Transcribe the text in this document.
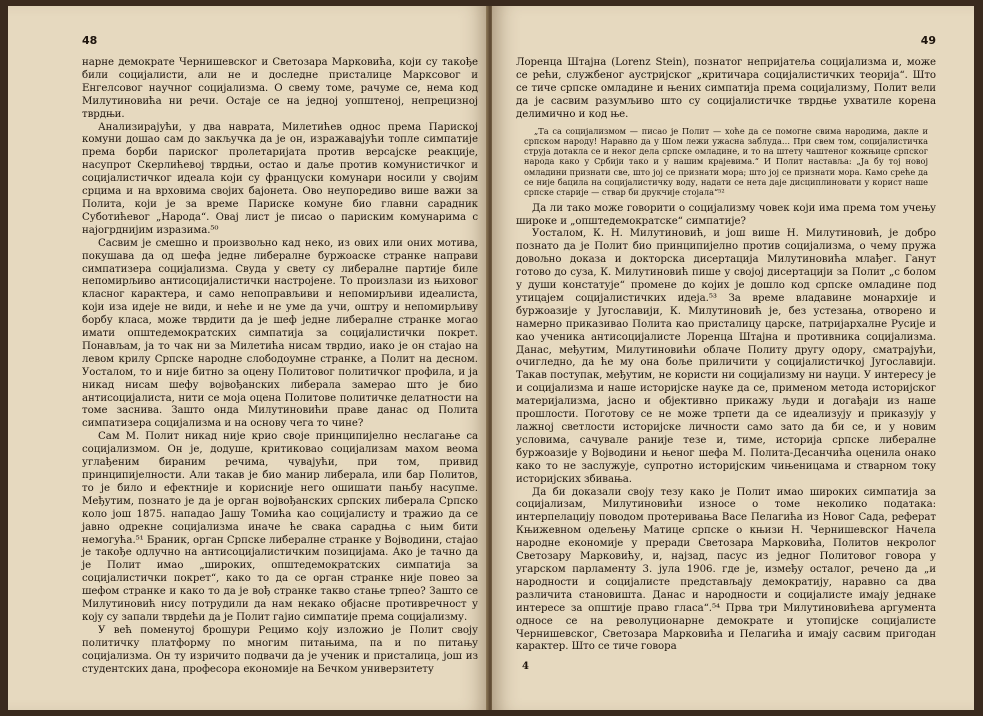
48

нарне демократе Чернишевског и Светозара Марковића, који су такође били социјалисти, али не и доследне присталице Марксовог и Енгелсовог научног социјализма. О свему томе, рачуме се, нема код Милутиновића ни речи. Остаје се на једној уопштеној, непрецизној тврдњи.

Анализирајући, у два наврата, Милетићев однос према Париској комуни дошао сам до закључка да је он, изражавајући топле симпатије према борби париског пролетаријата против версајске реакције, насупрот Скерлићевој тврдњи, остао и даље против комунистичког и социјалистичког идеала који су француски комунари носили у својим срцима и на врховима својих бајонета. Ово неупоредиво више важи за Полита, који је за време Париске комуне био главни сарадник Суботићевог „Народа“. Овај лист је писао о париским комунарима с најогрднијим изразима.⁵⁰

Сасвим је смешно и произвољно кад неко, из ових или оних мотива, покушава да од шефа једне либералне буржоаске странке направи симпатизера социјализма. Свуда у свету су либералне партије биле непомирљиво антисоцијалистички настројене. То произлази из њиховог класног карактера, и само непоправљиви и непомирљиви идеалиста, који иза идеје не види, и неће и не уме да учи, оштру и непомирљиву борбу класа, може тврдити да је шеф једне либералне странке могао имати општедемократских симпатија за социјалистички покрет. Понављам, ја то чак ни за Милетића нисам тврдио, иако је он стајао на левом крилу Српске народне слободоумне странке, а Полит на десном. Уосталом, то и није битно за оцену Политовог политичког профила, и ја никад нисам шефу војвођанских либерала замерао што је био антисоцијалиста, нити се моја оцена Политове политичке делатности на томе заснива. Зашто онда Милутиновићи праве данас од Полита симпатизера социјализма и на основу чега то чине?

Сам М. Полит никад није крио своје принципијелно неслагање са социјализмом. Он је, додуше, критиковао социјализам махом веома углађеним бираним речима, чувајући, при том, привид принципијелности. Али такав је био манир либерала, или бар Политов, то је било и ефектније и корисније него ошишати пањбу насупме. Међутим, познато је да је орган војвођанских српских либерала Српско коло још 1875. нападао Јашу Томића као социјалисту и тражио да се јавно одрекне социјализма иначе ће свака сарадња с њим бити немогућа.⁵¹ Браник, орган Српске либералне странке у Војводини, стајао је такође одлучно на антисоцијалистичким позицијама. Ако је тачно да је Полит имао „широких, општедемократских симпатија за социјалистички покрет“, како то да се орган странке није повео за шефом странке и како то да је вођ странке такво стање трпео? Зашто се Милутиновић нису потрудили да нам некако објасне противречност у коју су запали тврдећи да је Полит гајио симпатије према социјализму.

У већ поменутој брошури Рецимо коју изложио је Полит своју политичку платформу по многим питањима, па и по питању социјализма. Он ту изричито подвачи да је ученик и присталица, још из студентских дана, професора економије на Бечком универзитету

49

Лоренца Штајна (Lorenz Stein), познатог непријатеља социјализма и, може се рећи, службеног аустријског „критичара социјалистичких теорија“. Што се тиче српске омладине и њених симпатија према социјализму, Полит вели да је сасвим разумљиво што су социјалистичке тврдње ухватиле корена делимично и код ње.

„Та са социјализмом — писао је Полит — хоће да се помогне свима народима, дакле и српском народу! Наравно да у Шом лежи ужасна заблуда… При свем том, социјалистичка струја дотакла се и неког дела српске омладине, и то на штету чаштеног кожњице српског народа како у Србији тако и у нашим крајевима.“ И Полит наставља: „Ја бу тој новој омладини признати све, што јој се признати мора; што јој се признати мора. Камо среће да се није бацила на социјалистичку воду, надати се нета даје дисциплиновати у корист наше српске старије — ствар би друкчије стојала“⁵²

Да ли тако може говорити о социјализму човек који има према том учењу широке и „општедемократске“ симпатије?

Уосталом, К. Н. Милутиновић, и још више Н. Милутиновић, је добро познато да је Полит био принципијелно против социјализма, о чему пружа довољно доказа и докторска дисертација Милутиновића млађег. Ганут готово до суза, К. Милутиновић пише у својој дисертацији за Полит „с болом у души констатује“ промене до којих је дошло код српске омладине под утицајем социјалистичких идеја.⁵³ За време владавине монархије и буржоазије у Југославији, К. Милутиновић је, без устезања, отворено и намерно приказивао Полита као присталицу царске, патријархалне Русије и као ученика антисоцијалисте Лоренца Штајна и противника социјализма. Данас, међутим, Милутиновићи облаче Политу другу одору, сматрајући, очигледно, да ће му она боље приличити у социјалистичкој Југославији. Такав поступак, међутим, не користи ни социјализму ни науци. У интересу је и социјализма и наше историјске науке да се, применом метода историјског материјализма, јасно и објективно прикажу људи и догађаји из наше прошлости. Поготову се не може трпети да се идеализују и приказују у лажној светлости историјске личности само зато да би се, и у новим условима, сачувале раније тезе и, тиме, историја српске либералне буржоазије у Војводини и њеног шефа М. Полита-Десанчића оценила онако како то не заслужује, супротно историјским чињеницама и стварном току историјских збивања.

Да би доказали своју тезу како је Полит имао широких симпатија за социјализам, Милутиновићи износе о томе неколико података: интерпелацију поводом протеривања Васе Пелагића из Новог Сада, реферат Књижевном одељењу Матице српске о књизи Н. Чернишевског Начела народне економије у преради Светозара Марковића, Политов некролог Светозару Марковићу, и, најзад, пасус из једног Политовог говора у угарском парламенту 3. јула 1906. где је, између осталог, речено да „и народности и социјалисте представљају демократију, наравно са два различита становишта. Данас и народности и социјалисте имају једнаке интересе за општије право гласа“.⁵⁴ Прва три Милутиновићева аргумента односе се на револуционарне демократе и утопијске социјалисте Чернишевског, Светозара Марковића и Пелагића и имају сасвим пригодан карактер. Што се тиче говора

4
